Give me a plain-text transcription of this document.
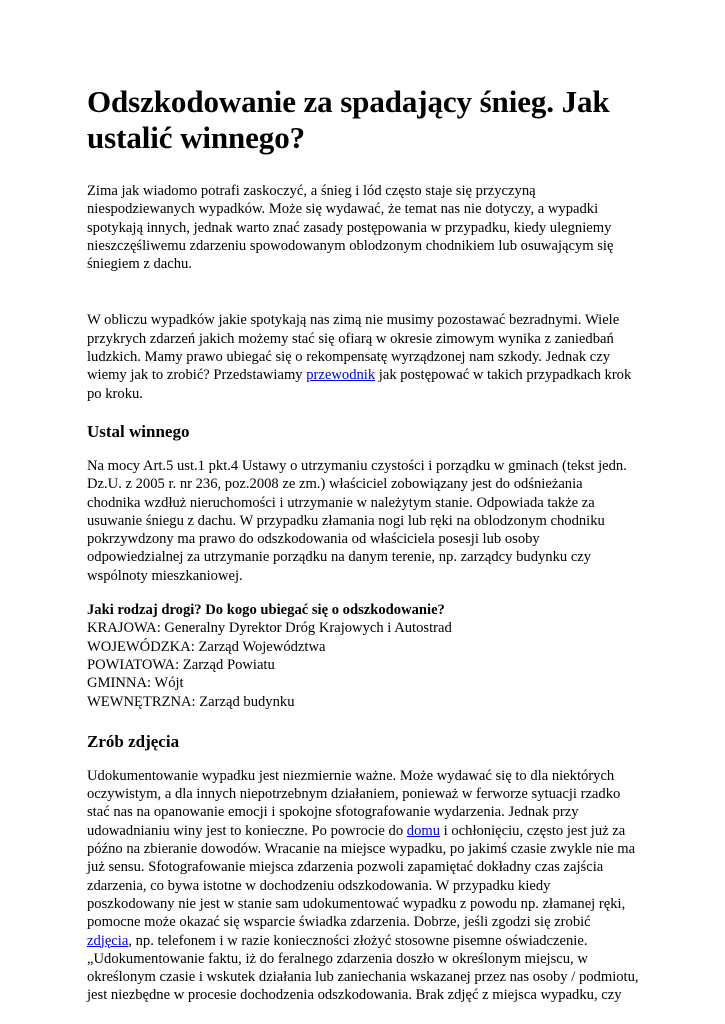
Odszkodowanie za spadający śnieg. Jak ustalić winnego?

Zima jak wiadomo potrafi zaskoczyć, a śnieg i lód często staje się przyczyną niespodziewanych wypadków. Może się wydawać, że temat nas nie dotyczy, a wypadki spotykają innych, jednak warto znać zasady postępowania w przypadku, kiedy ulegniemy nieszczęśliwemu zdarzeniu spowodowanym oblodzonym chodnikiem lub osuwającym się śniegiem z dachu.

W obliczu wypadków jakie spotykają nas zimą nie musimy pozostawać bezradnymi. Wiele przykrych zdarzeń jakich możemy stać się ofiarą w okresie zimowym wynika z zaniedbań ludzkich. Mamy prawo ubiegać się o rekompensatę wyrządzonej nam szkody. Jednak czy wiemy jak to zrobić? Przedstawiamy przewodnik jak postępować w takich przypadkach krok po kroku.

Ustal winnego

Na mocy Art.5 ust.1 pkt.4 Ustawy o utrzymaniu czystości i porządku w gminach (tekst jedn. Dz.U. z 2005 r. nr 236, poz.2008 ze zm.) właściciel zobowiązany jest do odśnieżania chodnika wzdłuż nieruchomości i utrzymanie w należytym stanie. Odpowiada także za usuwanie śniegu z dachu. W przypadku złamania nogi lub ręki na oblodzonym chodniku pokrzywdzony ma prawo do odszkodowania od właściciela posesji lub osoby odpowiedzialnej za utrzymanie porządku na danym terenie, np. zarządcy budynku czy wspólnoty mieszkaniowej.

Jaki rodzaj drogi? Do kogo ubiegać się o odszkodowanie?
KRAJOWA: Generalny Dyrektor Dróg Krajowych i Autostrad
WOJEWÓDZKA: Zarząd Województwa
POWIATOWA: Zarząd Powiatu
GMINNA: Wójt
WEWNĘTRZNA: Zarząd budynku
Zrób zdjęcia

Udokumentowanie wypadku jest niezmiernie ważne. Może wydawać się to dla niektórych oczywistym, a dla innych niepotrzebnym działaniem, ponieważ w ferworze sytuacji rzadko stać nas na opanowanie emocji i spokojne sfotografowanie wydarzenia. Jednak przy udowadnianiu winy jest to konieczne. Po powrocie do domu i ochłonięciu, często jest już za późno na zbieranie dowodów. Wracanie na miejsce wypadku, po jakimś czasie zwykle nie ma już sensu. Sfotografowanie miejsca zdarzenia pozwoli zapamiętać dokładny czas zajścia zdarzenia, co bywa istotne w dochodzeniu odszkodowania. W przypadku kiedy poszkodowany nie jest w stanie sam udokumentować wypadku z powodu np. złamanej ręki, pomocne może okazać się wsparcie świadka zdarzenia. Dobrze, jeśli zgodzi się zrobić zdjęcia, np. telefonem i w razie konieczności złożyć stosowne pisemne oświadczenie. „Udokumentowanie faktu, iż do feralnego zdarzenia doszło w określonym miejscu, w określonym czasie i wskutek działania lub zaniechania wskazanej przez nas osoby / podmiotu, jest niezbędne w procesie dochodzenia odszkodowania. Brak zdjęć z miejsca wypadku, czy
